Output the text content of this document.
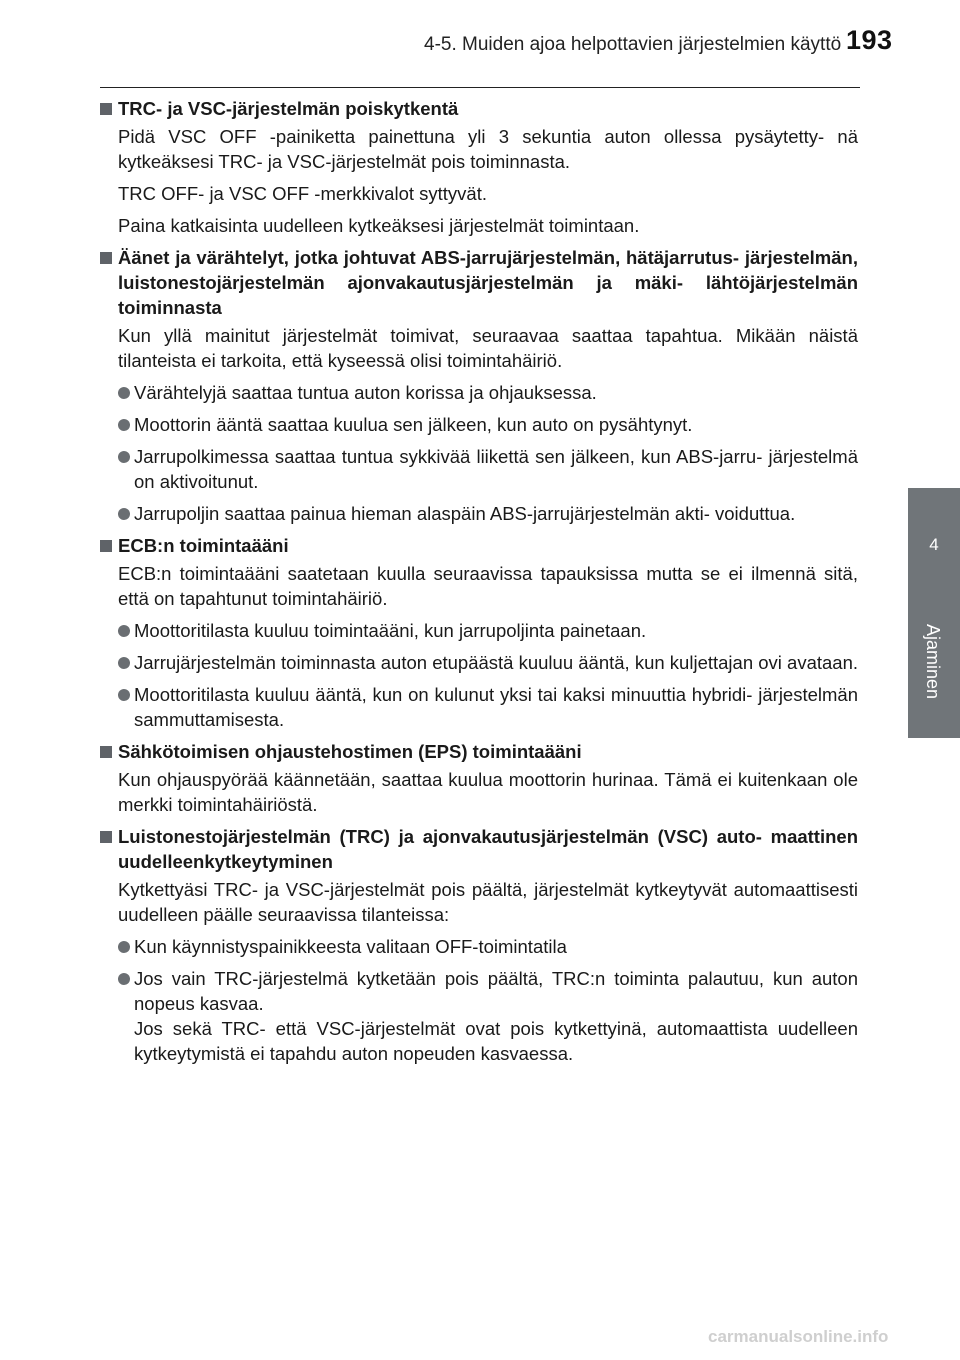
4-5. Muiden ajoa helpottavien järjestelmien käyttö 193
4
Ajaminen
TRC- ja VSC-järjestelmän poiskytkentä

Pidä VSC OFF -painiketta painettuna yli 3 sekuntia auton ollessa pysäytetty- nä kytkeäksesi TRC- ja VSC-järjestelmät pois toiminnasta.

TRC OFF- ja VSC OFF -merkkivalot syttyvät.

Paina katkaisinta uudelleen kytkeäksesi järjestelmät toimintaan.

Äänet ja värähtelyt, jotka johtuvat ABS-jarrujärjestelmän, hätäjarrutus- järjestelmän, luistonestojärjestelmän ajonvakautusjärjestelmän ja mäki- lähtöjärjestelmän toiminnasta

Kun yllä mainitut järjestelmät toimivat, seuraavaa saattaa tapahtua. Mikään näistä tilanteista ei tarkoita, että kyseessä olisi toimintahäiriö.

Värähtelyjä saattaa tuntua auton korissa ja ohjauksessa.
Moottorin ääntä saattaa kuulua sen jälkeen, kun auto on pysähtynyt.
Jarrupolkimessa saattaa tuntua sykkivää liikettä sen jälkeen, kun ABS-jarru- järjestelmä on aktivoitunut.
Jarrupoljin saattaa painua hieman alaspäin ABS-jarrujärjestelmän akti- voiduttua.
ECB:n toimintaääni

ECB:n toimintaääni saatetaan kuulla seuraavissa tapauksissa mutta se ei ilmennä sitä, että on tapahtunut toimintahäiriö.

Moottoritilasta kuuluu toimintaääni, kun jarrupoljinta painetaan.
Jarrujärjestelmän toiminnasta auton etupäästä kuuluu ääntä, kun kuljettajan ovi avataan.
Moottoritilasta kuuluu ääntä, kun on kulunut yksi tai kaksi minuuttia hybridi- järjestelmän sammuttamisesta.
Sähkötoimisen ohjaustehostimen (EPS) toimintaääni

Kun ohjauspyörää käännetään, saattaa kuulua moottorin hurinaa. Tämä ei kuitenkaan ole merkki toimintahäiriöstä.

Luistonestojärjestelmän (TRC) ja ajonvakautusjärjestelmän (VSC) auto- maattinen uudelleenkytkeytyminen

Kytkettyäsi TRC- ja VSC-järjestelmät pois päältä, järjestelmät kytkeytyvät automaattisesti uudelleen päälle seuraavissa tilanteissa:

Kun käynnistyspainikkeesta valitaan OFF-toimintatila
Jos vain TRC-järjestelmä kytketään pois päältä, TRC:n toiminta palautuu, kun auton nopeus kasvaa.
Jos sekä TRC- että VSC-järjestelmät ovat pois kytkettyinä, automaattista uudelleen kytkeytymistä ei tapahdu auton nopeuden kasvaessa.
carmanualsonline.info
